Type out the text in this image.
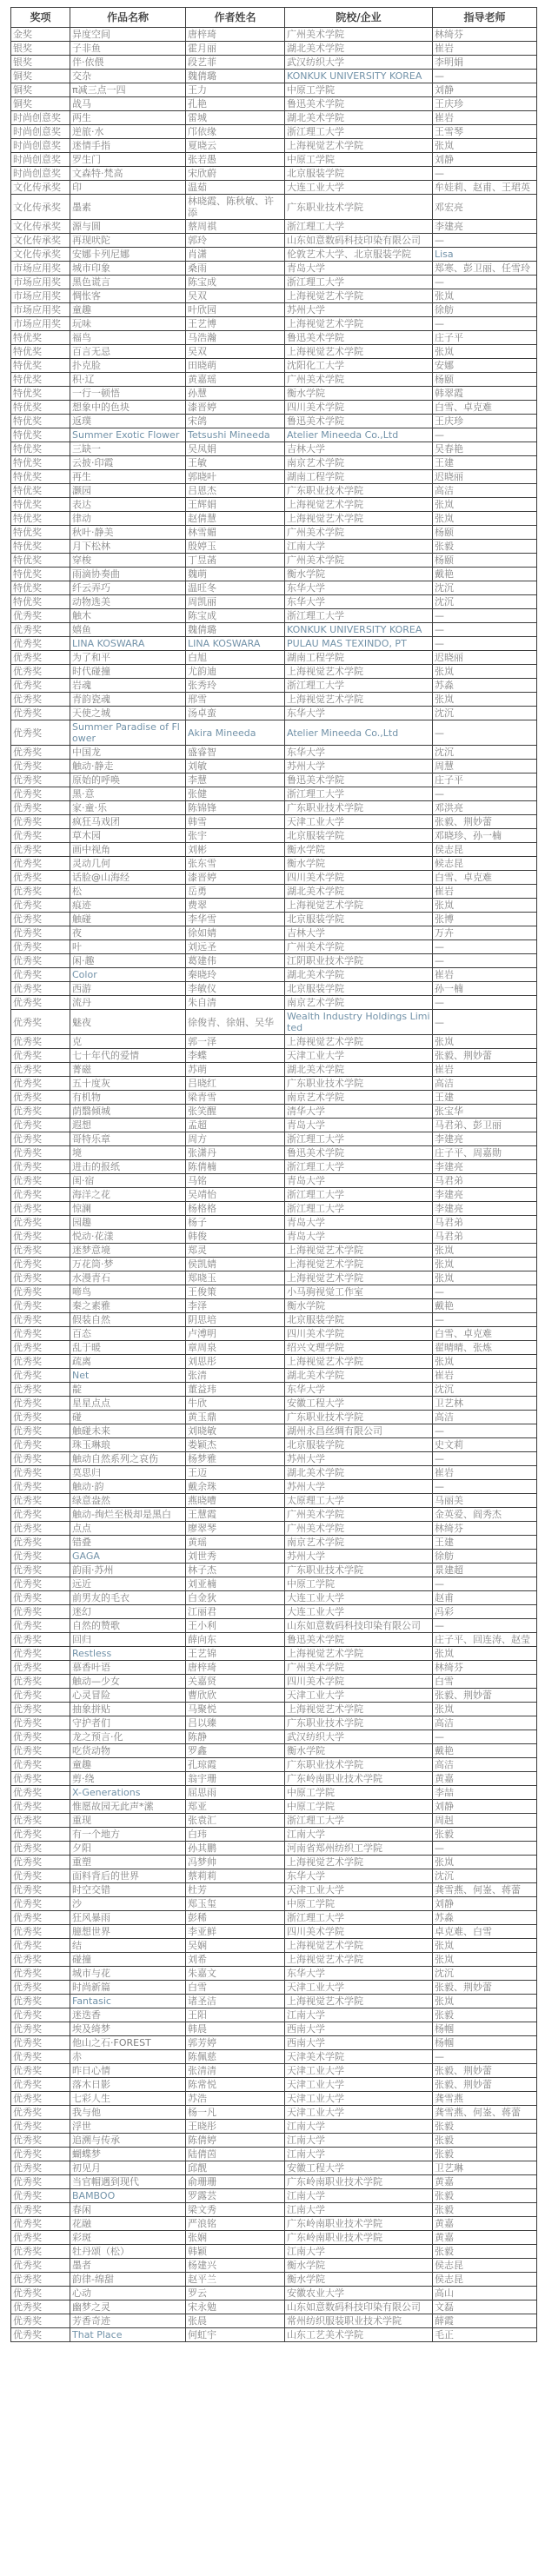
奖项	作品名称	作者姓名	院校/企业	指导老师
金奖	异度空间	唐梓琦	广州美术学院	林绮芬
银奖	子非鱼	霍月丽	湖北美术学院	崔岩
银奖	伴·依偎	段艺菲	武汉纺织大学	李明娟
铜奖	交杂	魏倩璐	KONKUK UNIVERSITY KOREA	—
铜奖	π减三点一四	王力	中原工学院	刘静
铜奖	战马	孔艳	鲁迅美术学院	王庆珍
时尚创意奖	两生	雷城	湖北美术学院	崔岩
时尚创意奖	逆旅·水	邝依缘	浙江理工大学	王雪琴
时尚创意奖	迷情手指	夏晓云	上海视觉艺术学院	张岚
时尚创意奖	罗生门	张若愚	中原工学院	刘静
时尚创意奖	文森特·梵高	宋欣蔚	北京服装学院	—
文化传承奖	印	温茹	大连工业大学	牟娃莉、赵甫、王珺英
文化传承奖	墨素	林晓霞、陈秋敏、许添	广东职业技术学院	邓宏亮
文化传承奖	源与圆	蔡周祺	浙江理工大学	李建亮
文化传承奖	再现吠陀	郭玲	山东如意数码科技印染有限公司	—
文化传承奖	安娜卡列尼娜	肖潇	伦敦艺术大学、北京服装学院	Lisa
市场应用奖	城市印象	桑雨	青岛大学	郑寒、彭卫丽、任雪玲
市场应用奖	黑色谎言	陈宝成	浙江理工大学	—
市场应用奖	惆怅客	吴双	上海视觉艺术学院	张岚
市场应用奖	童趣	叶欣园	苏州大学	徐舫
市场应用奖	玩味	王艺博	上海视觉艺术学院	—
特优奖	福鸟	马浩瀚	鲁迅美术学院	庄子平
特优奖	百言无忌	吴双	上海视觉艺术学院	张岚
特优奖	扑克脸	田晓萌	沈阳化工大学	安娜
特优奖	积·辽	黄嘉瑶	广州美术学院	杨颐
特优奖	一行一顿悟	孙慧	衡水学院	韩翠霞
特优奖	想象中的色块	漆晋婷	四川美术学院	白雪、卓克难
特优奖	返璞	宋鸽	鲁迅美术学院	王庆珍
特优奖	Summer Exotic Flower	Tetsushi Mineeda	Atelier Mineeda Co.,Ltd	—
特优奖	三缺一	吴凤娟	吉林大学	吴春艳
特优奖	云披·印霞	王敏	南京艺术学院	王建
特优奖	再生	郭晓叶	湖南工程学院	迟晓丽
特优奖	灏园	吕恩杰	广东职业技术学院	高洁
特优奖	表达	王辉娟	上海视觉艺术学院	张岚
特优奖	律动	赵倩慧	上海视觉艺术学院	张岚
特优奖	秋叶·静美	林雪媚	广州美术学院	杨颐
特优奖	月下松林	殷婷玉	江南大学	张毅
特优奖	穿梭	丁昱菡	广州美术学院	杨颐
特优奖	雨滴协奏曲	魏萌	衡水学院	戴艳
特优奖	纤云弄巧	温旺冬	东华大学	沈沉
特优奖	动物选美	周凯丽	东华大学	沈沉
优秀奖	触木	陈宝成	浙江理工大学	—
优秀奖	嬉鱼	魏倩璐	KONKUK UNIVERSITY KOREA	—
优秀奖	LINA KOSWARA	LINA KOSWARA	PULAU MAS TEXINDO, PT	—
优秀奖	为了和平	白旭	湖南工程学院	迟晓丽
优秀奖	时代碰撞	尤韵迪	上海视觉艺术学院	张岚
优秀奖	岩魂	张秀玲	浙江理工大学	苏淼
优秀奖	青韵瓷魂	邢雪	上海视觉艺术学院	张岚
优秀奖	天使之城	汤卓蛮	东华大学	沈沉
优秀奖	Summer Paradise of Flower	Akira Mineeda	Atelier Mineeda Co.,Ltd	—
优秀奖	中国龙	盛睿智	东华大学	沈沉
优秀奖	触动·静走	刘敏	苏州大学	周慧
优秀奖	原始的呼唤	李慧	鲁迅美术学院	庄子平
优秀奖	黑·意	张健	浙江理工大学	—
优秀奖	家·童·乐	陈锦锋	广东职业技术学院	邓洪亮
优秀奖	疯狂马戏团	韩雪	天津工业大学	张毅、荆妙蕾
优秀奖	草木园	张宇	北京服装学院	邓晓珍、孙一楠
优秀奖	画中视角	刘彬	衡水学院	侯志昆
优秀奖	灵动几何	张东雪	衡水学院	候志昆
优秀奖	话脸@山海经	漆晋婷	四川美术学院	白雪、卓克难
优秀奖	松	岳勇	湖北美术学院	崔岩
优秀奖	痕迹	费翠	上海视觉艺术学院	张岚
优秀奖	触碰	李华雪	北京服装学院	张博
优秀奖	夜	徐如婧	吉林大学	万卉
优秀奖	叶	刘远圣	广州美术学院	—
优秀奖	闲·趣	葛建伟	江阴职业技术学院	—
优秀奖	Color	秦晓玲	湖北美术学院	崔岩
优秀奖	西游	李敏仪	北京服装学院	孙一楠
优秀奖	流丹	朱自清	南京艺术学院	—
优秀奖	魅夜	徐俊青、徐娟、吴华	Wealth Industry Holdings Limited	—
优秀奖	克	郭一泽	上海视觉艺术学院	张岚
优秀奖	七十年代的爱情	李蝶	天津工业大学	张毅、荆妙蕾
优秀奖	菁磁	苏萌	湖北美术学院	崔岩
优秀奖	五十度灰	吕晓红	广东职业技术学院	高洁
优秀奖	有机物	梁青雪	南京艺术学院	王建
优秀奖	荫翳倾城	张笑醒	清华大学	张宝华
优秀奖	遐想	孟超	青岛大学	马君弟、彭卫丽
优秀奖	哥特乐章	周方	浙江理工大学	李建亮
优秀奖	境	张潇丹	鲁迅美术学院	庄子平、周嘉勋
优秀奖	进击的报纸	陈倩楠	浙江理工大学	李建亮
优秀奖	闺·宿	马铭	青岛大学	马君弟
优秀奖	海洋之花	吴靖怡	浙江理工大学	李建亮
优秀奖	惊澜	杨格格	浙江理工大学	李建亮
优秀奖	园趣	杨子	青岛大学	马君弟
优秀奖	悦动·花漾	韩俊	青岛大学	马君弟
优秀奖	迷梦意境	郑灵	上海视觉艺术学院	张岚
优秀奖	万花筒·梦	侯凯婧	上海视觉艺术学院	张岚
优秀奖	水漫青石	郑晓玉	上海视觉艺术学院	张岚
优秀奖	啼鸟	王俊策	小马驹视觉工作室	—
优秀奖	秦之素雅	李泽	衡水学院	戴艳
优秀奖	假装自然	阴思培	北京服装学院	—
优秀奖	百态	卢溥明	四川美术学院	白雪、卓克难
优秀奖	乱于暖	章周泉	绍兴文理学院	翟晴晴、张炼
优秀奖	疏离	刘思彤	上海视觉艺术学院	张岚
优秀奖	Net	张清	湖北美术学院	崔岩
优秀奖	靛	董益玮	东华大学	沈沉
优秀奖	星星点点	牛欣	安徽工程大学	卫艺林
优秀奖	碰	黄玉鼎	广东职业技术学院	高洁
优秀奖	触碰未来	刘晓敏	湖州永昌丝绸有限公司	—
优秀奖	珠玉琳琅	娄颖杰	北京服装学院	史文莉
优秀奖	触动自然系列之哀伤	杨梦雅	苏州大学	—
优秀奖	莫思归	王迈	湖北美术学院	崔岩
优秀奖	触动·韵	戴余珠	苏州大学	—
优秀奖	绿意盎然	燕晓嘈	太原理工大学	马丽美
优秀奖	触动-绚烂至极却是黑白	王慧霞	广州美术学院	金英爱、阎秀杰
优秀奖	点点	廖翠琴	广州美术学院	林绮芬
优秀奖	错叠	黄瑶	南京艺术学院	王建
优秀奖	GAGA	刘世秀	苏州大学	徐舫
优秀奖	韵雨·苏州	林子杰	广东职业技术学院	景建超
优秀奖	远近	刘亚楠	中原工学院	—
优秀奖	前男友的毛衣	白金狄	大连工业大学	赵甫
优秀奖	迷幻	江丽君	大连工业大学	冯彩
优秀奖	自然的赞歌	王小利	山东如意数码科技印染有限公司	—
优秀奖	回归	薛向东	鲁迅美术学院	庄子平、回连涛、赵莹
优秀奖	Restless	王艺锦	上海视觉艺术学院	张岚
优秀奖	慕香叶语	唐梓琦	广州美术学院	林绮芬
优秀奖	触动—少女	关嘉贤	四川美术学院	白雪
优秀奖	心灵冒险	曹欣欣	天津工业大学	张毅、荆妙蕾
优秀奖	抽象拼贴	马聚悦	上海视觉艺术学院	张岚
优秀奖	守护者们	吕以臻	广东职业技术学院	高洁
优秀奖	龙之预言·化	陈静	武汉纺织大学	—
优秀奖	吃货动物	罗鑫	衡水学院	戴艳
优秀奖	童趣	孔琼霞	广东职业技术学院	高洁
优秀奖	剪·绕	翁宇珊	广东岭南职业技术学院	黄嘉
优秀奖	X-Generations	屈思雨	中原工学院	李喆
优秀奖	惟愿故园无此声*潆	郑亚	中原工学院	刘静
优秀奖	重现	张袁汇	浙江理工大学	周赳
优秀奖	有一个地方	白玮	江南大学	张毅
优秀奖	夕阳	孙其鹏	河南省郑州纺织工学院	—
优秀奖	重塑	冯梦帅	上海视觉艺术学院	张岚
优秀奖	面料背后的世界	蔡莉莉	东华大学	沈沉
优秀奖	时空交错	杜芳	天津工业大学	龚雪燕、何崟、蒋蕾
优秀奖	沙	郑玉玺	中原工学院	刘静
优秀奖	狂风暴雨	彭稀	浙江理工大学	苏淼
优秀奖	臆想世界	李亚鲜	四川美术学院	卓克难、白雪
优秀奖	结	吴娴	上海视觉艺术学院	张岚
优秀奖	碰撞	刘希	上海视觉艺术学院	张岚
优秀奖	城市与花	朱嘉文	东华大学	沈沉
优秀奖	时尚新篇	白雪	天津工业大学	张毅、荆妙蕾
优秀奖	Fantasic	诸圣洁	上海视觉艺术学院	张岚
优秀奖	迷迭香	王阳	江南大学	张毅
优秀奖	埃及绮梦	韩晨	西南大学	杨帼
优秀奖	他山之石·FOREST	郭芳婷	西南大学	杨帼
优秀奖	赤	陈佩慈	天津美术学院	—
优秀奖	昨日心情	张清清	天津工业大学	张毅、荆妙蕾
优秀奖	落木日影	陈常悦	天津工业大学	张毅、荆妙蕾
优秀奖	七彩人生	苏浩	天津工业大学	龚雪燕
优秀奖	我与他	杨一凡	天津工业大学	龚雪燕、何崟、蒋蕾
优秀奖	浮世	王晓彤	江南大学	张毅
优秀奖	追溯与传承	陈倩婷	江南大学	张毅
优秀奖	蝴蝶梦	陆倩茵	江南大学	张毅
优秀奖	初见月	邱靓	安徽工程大学	卫艺琳
优秀奖	当官帽遇到现代	俞珊珊	广东岭南职业技术学院	黄嘉
优秀奖	BAMBOO	罗露芸	江南大学	张毅
优秀奖	春闲	梁文秀	江南大学	张毅
优秀奖	花融	严浪铭	广东岭南职业技术学院	黄嘉
优秀奖	彩斑	张娴	广东岭南职业技术学院	黄嘉
优秀奖	牡丹颂（松）	韩颖	江南大学	张毅
优秀奖	墨者	杨建兴	衡水学院	侯志昆
优秀奖	韵律-绵甜	赵平兰	衡水学院	侯志昆
优秀奖	心动	罗云	安徽农业大学	高山
优秀奖	幽梦之灵	宋永勉	山东如意数码科技印染有限公司	文磊
优秀奖	芳香奇迹	张晨	常州纺织服装职业技术学院	薛霞
优秀奖	That Place	何虹宇	山东工艺美术学院	毛正
